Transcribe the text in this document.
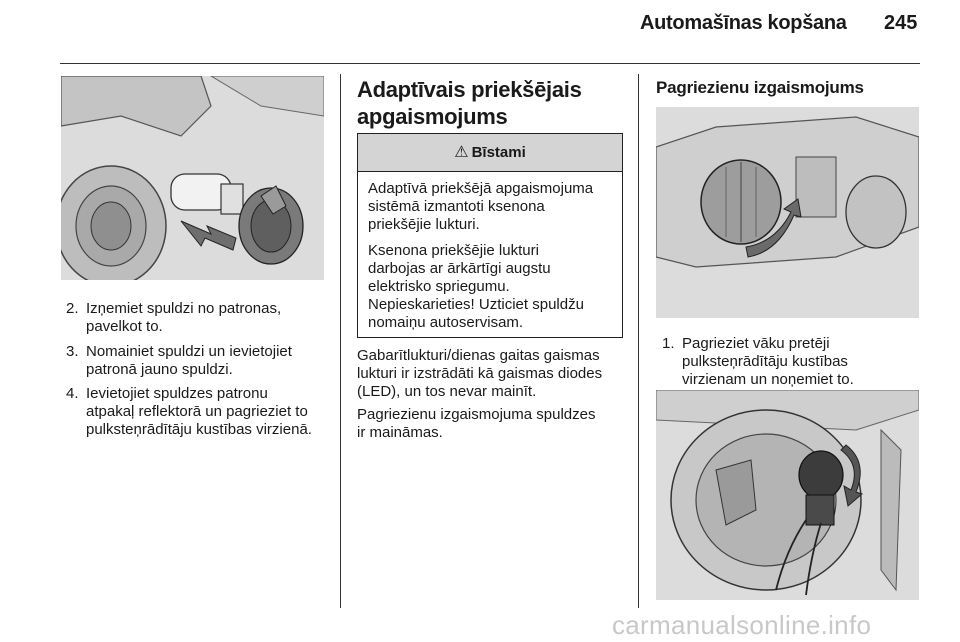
Automašīnas kopšana 245
2. Izņemiet spuldzi no patronas,
pavelkot to.
3. Nomainiet spuldzi un ievietojiet
patronā jauno spuldzi.
4. Ievietojiet spuldzes patronu
atpakaļ reflektorā un pagrieziet to
pulksteņrādītāju kustības virzienā.
Adaptīvais priekšējais
apgaismojums
⚠ Bīstami

Adaptīvā priekšējā apgaismojuma
sistēmā izmantoti ksenona
priekšējie lukturi.

Ksenona priekšējie lukturi
darbojas ar ārkārtīgi augstu
elektrisko spriegumu.
Nepieskarieties! Uzticiet spuldžu
nomaiņu autoservisam.

Gabarītlukturi/dienas gaitas gaismas
lukturi ir izstrādāti kā gaismas diodes
(LED), un tos nevar mainīt.
Pagriezienu izgaismojuma spuldzes
ir maināmas.
Pagriezienu izgaismojums
1. Pagrieziet vāku pretēji
pulksteņrādītāju kustības
virzienam un noņemiet to.
carmanualsonline.info
